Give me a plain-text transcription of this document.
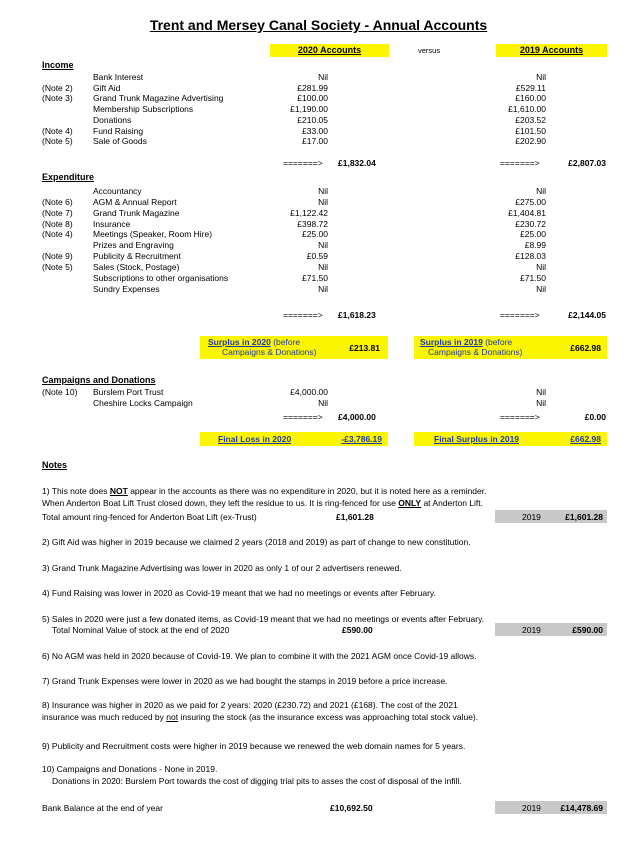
Trent and Mersey Canal Society - Annual Accounts
2020 Accounts	versus	2019 Accounts
Income
Bank Interest	Nil	Nil
(Note 2) Gift Aid	£281.99	£529.11
(Note 3) Grand Trunk Magazine Advertising	£100.00	£160.00
Membership Subscriptions	£1,190.00	£1,610.00
Donations	£210.05	£203.52
(Note 4) Fund Raising	£33.00	£101.50
(Note 5) Sale of Goods	£17.00	£202.90
=======> £1,832.04	=======>	£2,807.03
Expenditure
Accountancy	Nil	Nil
(Note 6) AGM & Annual Report	Nil	£275.00
(Note 7) Grand Trunk Magazine	£1,122.42	£1,404.81
(Note 8) Insurance	£398.72	£230.72
(Note 4) Meetings (Speaker, Room Hire)	£25.00	£25.00
Prizes and Engraving	Nil	£8.99
(Note 9) Publicity & Recruitment	£0.59	£128.03
(Note 5) Sales (Stock, Postage)	Nil	Nil
Subscriptions to other organisations	£71.50	£71.50
Sundry Expenses	Nil	Nil
=======> £1,618.23	=======>	£2,144.05
Surplus in 2020 (before
Campaigns & Donations)	£213.81
Surplus in 2019 (before
Campaigns & Donations)	£662.98
Campaigns and Donations
(Note 10) Burslem Port Trust	£4,000.00	Nil
Cheshire Locks Campaign	Nil	Nil
=======> £4,000.00	=======>	£0.00
Final Loss in 2020	-£3,786.19	Final Surplus in 2019	£662.98
Notes
1) This note does NOT appear in the accounts as there was no expenditure in 2020, but it is noted here as a reminder.
When Anderton Boat Lift Trust closed down, they left the residue to us. It is ring-fenced for use ONLY at Anderton Lift.
Total amount ring-fenced for Anderton Boat Lift (ex-Trust)	£1,601.28	2019	£1,601.28
2) Gift Aid was higher in 2019 because we claimed 2 years (2018 and 2019) as part of change to new constitution.
3) Grand Trunk Magazine Advertising was lower in 2020 as only 1 of our 2 advertisers renewed.
4) Fund Raising was lower in 2020 as Covid-19 meant that we had no meetings or events after February.
5) Sales in 2020 were just a few donated items, as Covid-19 meant that we had no meetings or events after February.
Total Nominal Value of stock at the end of 2020	£590.00	2019	£590.00
6) No AGM was held in 2020 because of Covid-19. We plan to combine it with the 2021 AGM once Covid-19 allows.
7) Grand Trunk Expenses were lower in 2020 as we had bought the stamps in 2019 before a price increase.
8) Insurance was higher in 2020 as we paid for 2 years: 2020 (£230.72) and 2021 (£168). The cost of the 2021
insurance was much reduced by not insuring the stock (as the insurance excess was approaching total stock value).
9) Publicity and Recruitment costs were higher in 2019 because we renewed the web domain names for 5 years.
10) Campaigns and Donations - None in 2019.
Donations in 2020: Burslem Port towards the cost of digging trial pits to asses the cost of disposal of the infill.
Bank Balance at the end of year	£10,692.50	2019 £14,478.69
